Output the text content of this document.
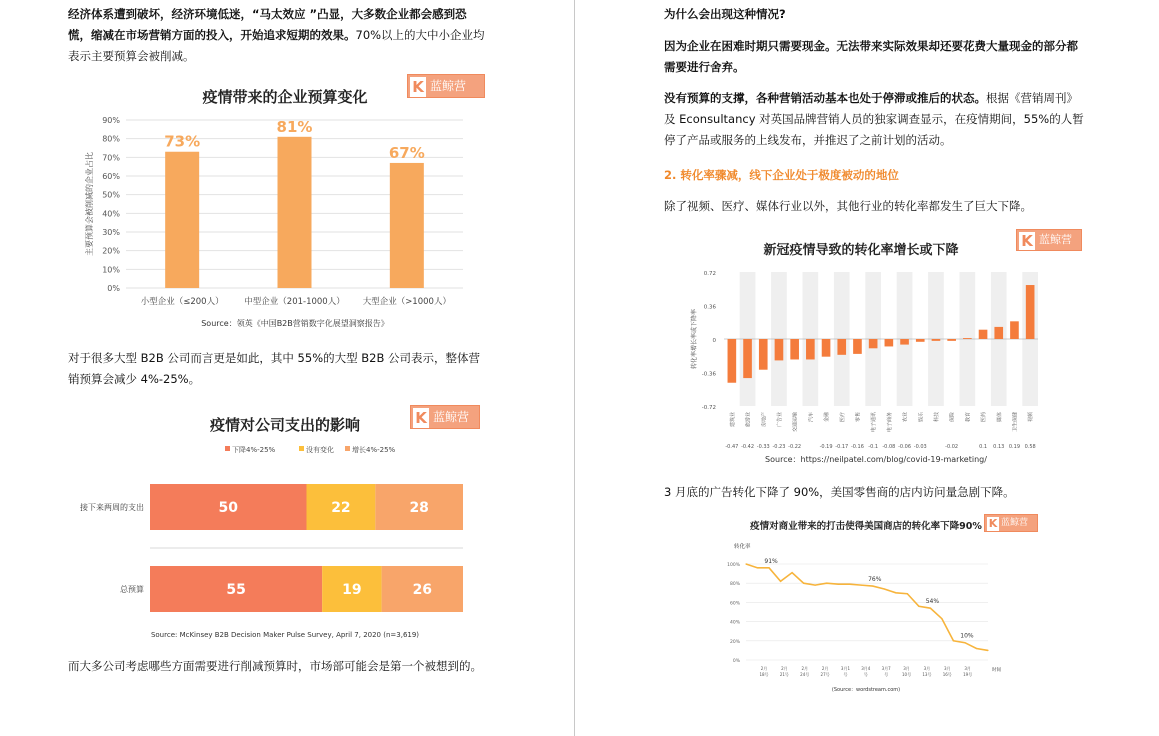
经济体系遭到破坏，经济环境低迷，“马太效应 ”凸显，大多数企业都会感到恐慌，缩减在市场营销方面的投入，开始追求短期的效果。70%以上的大中小企业均表示主要预算会被削减。
疫情带来的企业预算变化
K 蓝鲸营
0%
10%
20%
30%
40%
50%
60%
70%
80%
90%
73%
小型企业（≤200人）
81%
中型企业（201-1000人）
67%
大型企业（>1000人）
主要预算会被削减的企业占比
Source：领英《中国B2B营销数字化展望洞察报告》
对于很多大型 B2B 公司而言更是如此，其中 55%的大型 B2B 公司表示，整体营销预算会减少 4%-25%。
疫情对公司支出的影响	K 蓝鲸营
下降4%-25%	没有变化	增长4%-25%
50	22	28
接下来两周的支出
55	19	26
总预算
Source: McKinsey B2B Decision Maker Pulse Survey, April 7, 2020 (n=3,619)
而大多公司考虑哪些方面需要进行削减预算时，市场部可能会是第一个被想到的。
为什么会出现这种情况?
因为企业在困难时期只需要现金。无法带来实际效果却还要花费大量现金的部分都需要进行舍弃。
没有预算的支撑，各种营销活动基本也处于停滞或推后的状态。根据《营销周刊》及 Econsultancy 对英国品牌营销人员的独家调查显示，在疫情期间，55%的人暂停了产品或服务的上线发布，并推迟了之前计划的活动。
2. 转化率骤减，线下企业处于极度被动的地位
除了视频、医疗、媒体行业以外，其他行业的转化率都发生了巨大下降。
新冠疫情导致的转化率增长或下降
K 蓝鲸营
0.72
0.36
0
-0.36
-0.72
建筑业
-0.47
旅游业
-0.42
房地产
-0.33
广告业
-0.23
交通运输
-0.22
汽车 金融
-0.19
医疗
-0.17
零售
-0.16
电子通讯
-0.1
电子商务
-0.08
农业
-0.06
娱乐
-0.03
科技 保险
-0.02
教育 医药
0.1
媒体
0.13
卫生保健
0.19
视频
0.58
转化率增长率或下降率
Source：https://neilpatel.com/blog/covid-19-marketing/
3 月底的广告转化下降了 90%，美国零售商的店内访问量急剧下降。
疫情对商业带来的打击使得美国商店的转化率下降90% K 蓝鲸营
转化率
0%
20%
40%
60%
80%
100%
91%
76%
54%
10%
2月
18号
2月
21号
2月
24号
2月
27号
3月1
号
3月4
号
3月7
号
3月
10号
3月
13号
3月
16号
3月
19号
时间
(Source：wordstream.com)
